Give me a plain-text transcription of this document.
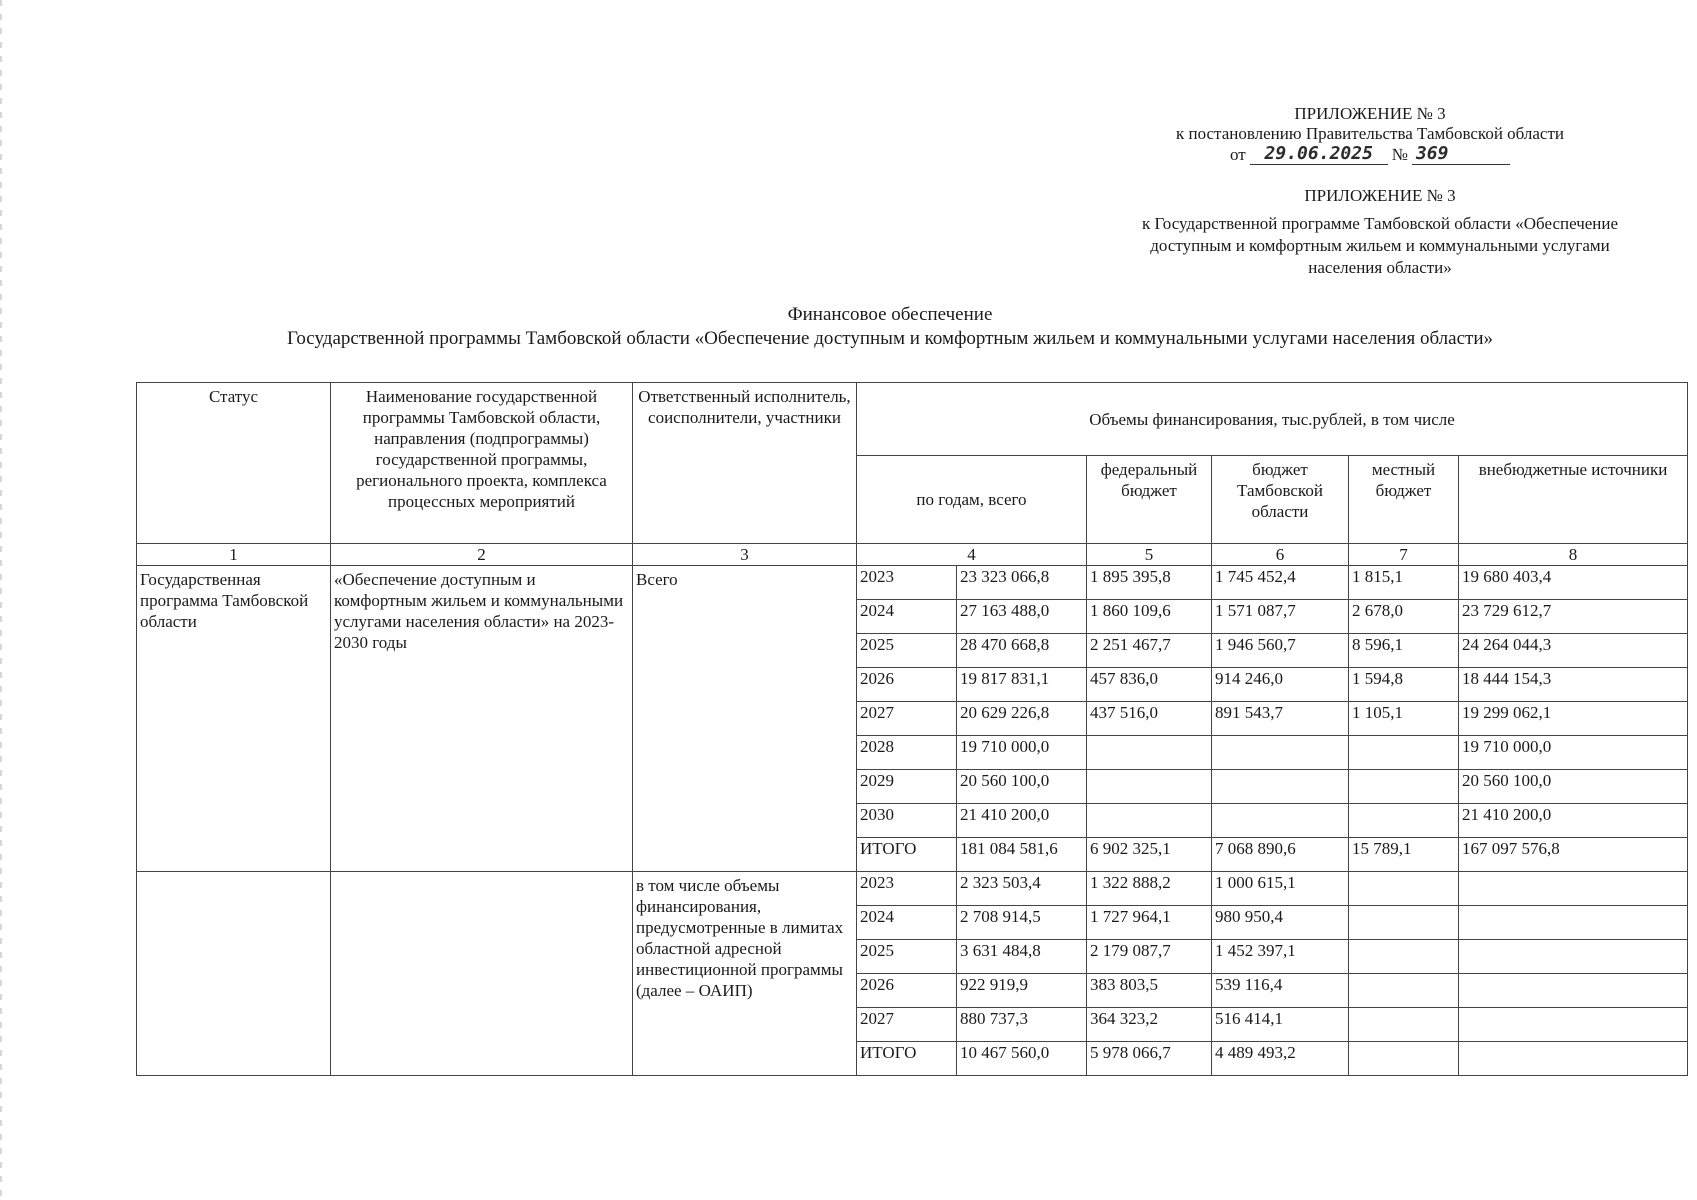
ПРИЛОЖЕНИЕ № 3
к постановлению Правительства Тамбовской области
от	29.06.2025	№ 369
ПРИЛОЖЕНИЕ № 3
к Государственной программе Тамбовской области «Обеспечение
доступным и комфортным жильем и коммунальными услугами
населения области»
Финансовое обеспечение
Государственной программы Тамбовской области «Обеспечение доступным и комфортным жильем и коммунальными услугами населения области»
Статус	Наименование государственной программы Тамбовской области, направления (подпрограммы) государственной программы, регионального проекта, комплекса процессных мероприятий	Ответственный исполнитель, соисполнители, участники	Объемы финансирования, тыс.рублей, в том числе					
			по годам, всего		федеральный бюджет	бюджет Тамбовской области	местный бюджет	внебюджетные источники
1	2	3	4		5	6	7	8
Государственная программа Тамбовской области	«Обеспечение доступным и комфортным жильем и коммунальными услугами населения области» на 2023-2030 годы	Всего	2023	23 323 066,8	1 895 395,8	1 745 452,4	1 815,1	19 680 403,4
			2024	27 163 488,0	1 860 109,6	1 571 087,7	2 678,0	23 729 612,7
			2025	28 470 668,8	2 251 467,7	1 946 560,7	8 596,1	24 264 044,3
			2026	19 817 831,1	457 836,0	914 246,0	1 594,8	18 444 154,3
			2027	20 629 226,8	437 516,0	891 543,7	1 105,1	19 299 062,1
			2028	19 710 000,0				19 710 000,0
			2029	20 560 100,0				20 560 100,0
			2030	21 410 200,0				21 410 200,0
			ИТОГО	181 084 581,6	6 902 325,1	7 068 890,6	15 789,1	167 097 576,8
		в том числе объемы финансирования, предусмотренные в лимитах областной адресной инвестиционной программы (далее – ОАИП)	2023	2 323 503,4	1 322 888,2	1 000 615,1		
			2024	2 708 914,5	1 727 964,1	980 950,4		
			2025	3 631 484,8	2 179 087,7	1 452 397,1		
			2026	922 919,9	383 803,5	539 116,4		
			2027	880 737,3	364 323,2	516 414,1		
			ИТОГО	10 467 560,0	5 978 066,7	4 489 493,2		
